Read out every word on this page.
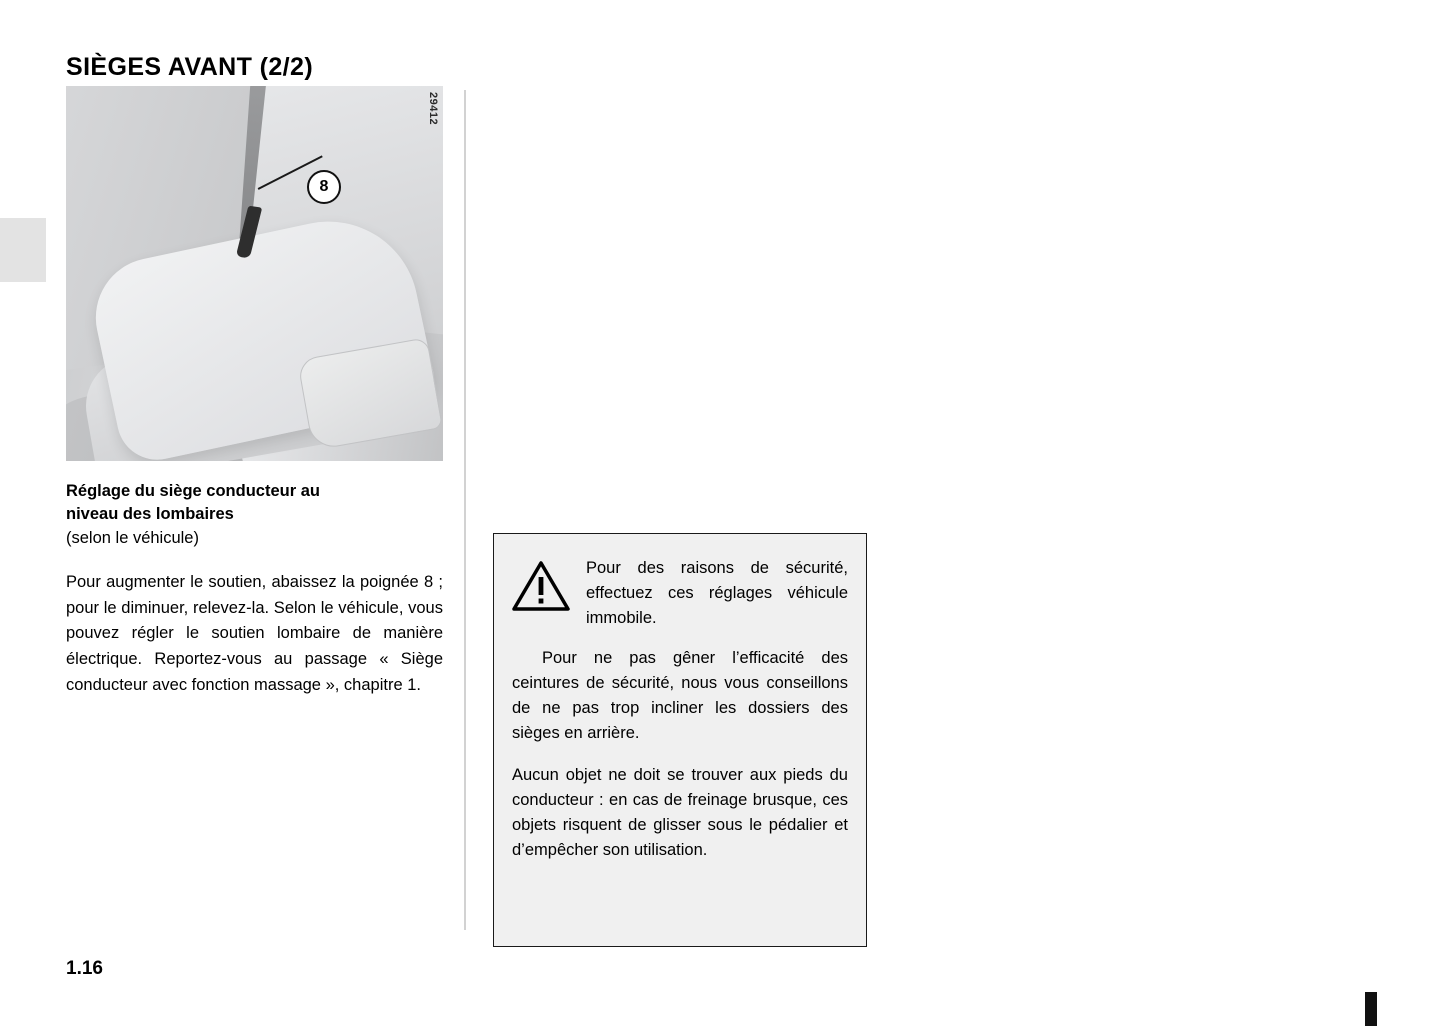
SIÈGES AVANT (2/2)
8
29412
Réglage du siège conducteur au
niveau des lombaires
(selon le véhicule)

Pour augmenter le soutien, abaissez la poignée 8 ; pour le diminuer, relevez-la. Selon le véhicule, vous pouvez régler le soutien lombaire de manière électrique. Reportez-vous au passage « Siège conducteur avec fonction massage », chapitre 1.

Pour des raisons de sécurité, effectuez ces réglages véhicule immobile.

Pour ne pas gêner l’efficacité des ceintures de sécurité, nous vous conseillons de ne pas trop incliner les dossiers des sièges en arrière.

Aucun objet ne doit se trouver aux pieds du conducteur : en cas de freinage brusque, ces objets risquent de glisser sous le pédalier et d’empêcher son utilisation.

1.16
